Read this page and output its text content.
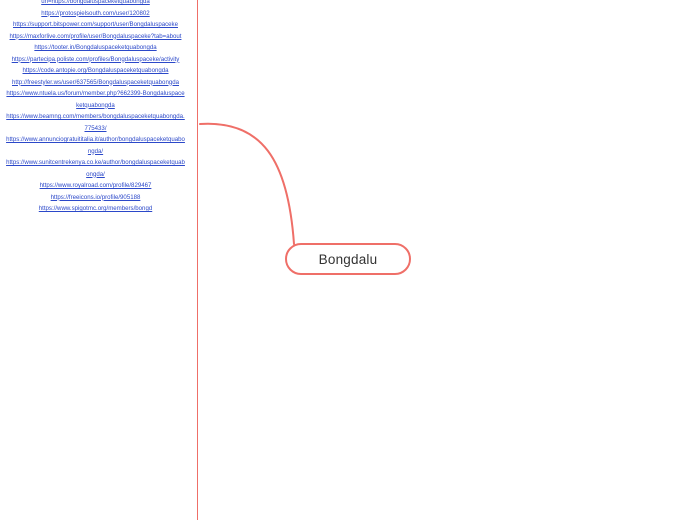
url=https://bongdaluspaceketquabongda
https://protospielsouth.com/user/120802
https://support.bitspower.com/support/user/Bongdaluspaceke
https://maxforlive.com/profile/user/Bongdaluspaceke?tab=about
https://tooter.in/Bongdaluspaceketquabongda
https://partecipa.poliste.com/profiles/Bongdaluspaceke/activity
https://code.antopie.org/Bongdaluspaceketquabongda
http://freestyler.ws/user/637565/Bongdaluspaceketquabongda
https://www.ntuela.us/forum/member.php?662399-Bongdaluspaceketquabongda
https://www.beamng.com/members/bongdaluspaceketquabongda.775433/
https://www.annunciogratuititalia.it/author/bongdaluspaceketquabongda/
https://www.sunitcentrekenya.co.ke/author/bongdaluspaceketquabongda/
https://www.royalroad.com/profile/829467
https://freeicons.io/profile/905188
https://www.spigotmc.org/members/bongd
Bongdalu
